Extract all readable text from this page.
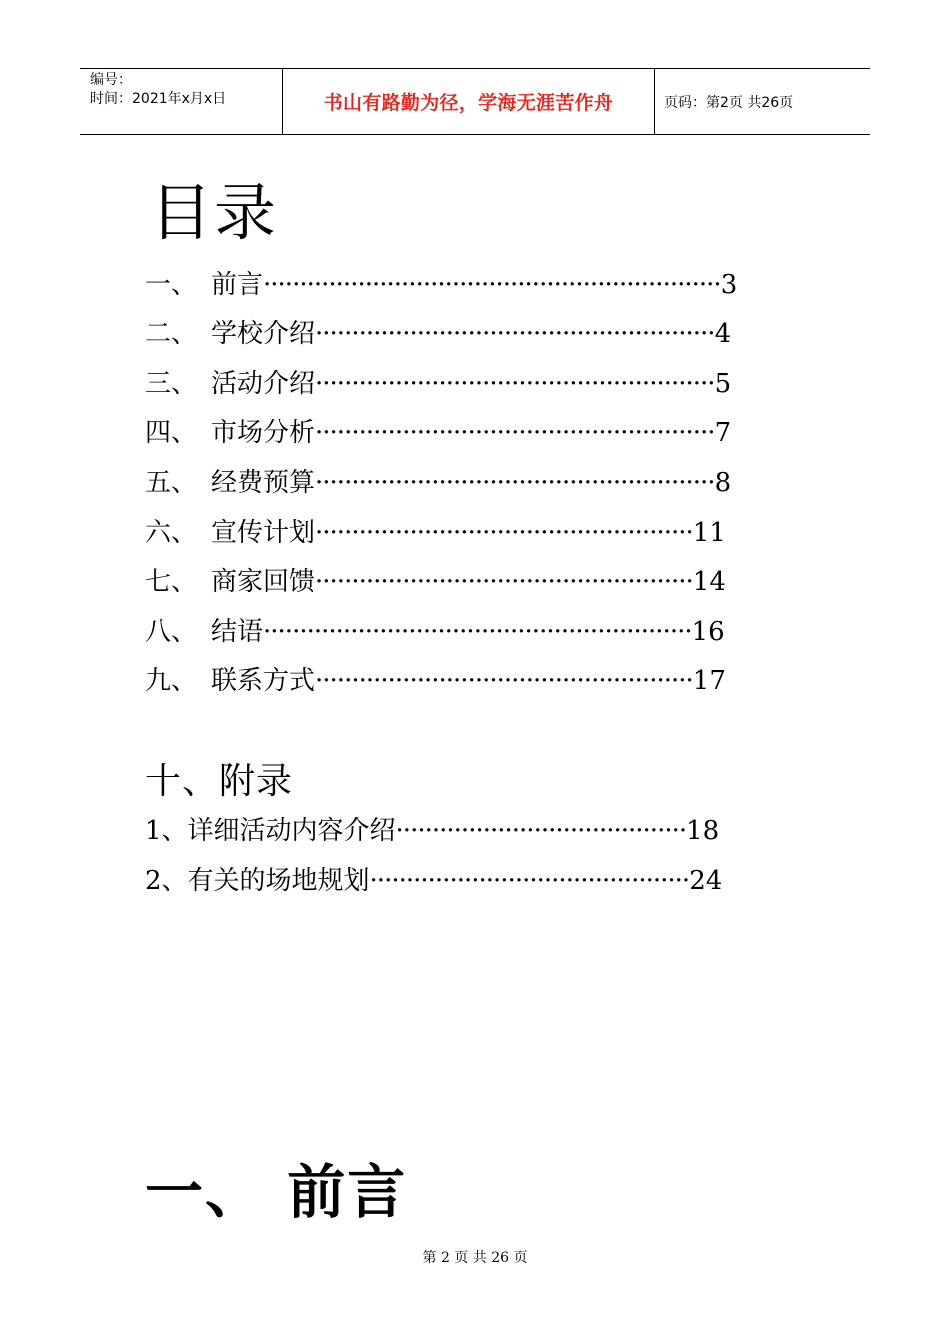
编号：
时间：2021年x月x日	书山有路勤为径，学海无涯苦作舟	页码：第2页 共26页
目录
一、 前言 ······························································· 3
二、 学校介绍 ······················································· 4
三、 活动介绍 ······················································· 5
四、 市场分析 ······················································· 7
五、 经费预算 ······················································· 8
六、 宣传计划 ···················································· 11
七、 商家回馈 ···················································· 14
八、 结语 ··························································· 16
九、 联系方式 ···················································· 17
十、附录
1、详细活动内容介绍 ········································ 18
2、有关的场地规划 ············································ 24
一、 前言
第 2 页 共 26 页
